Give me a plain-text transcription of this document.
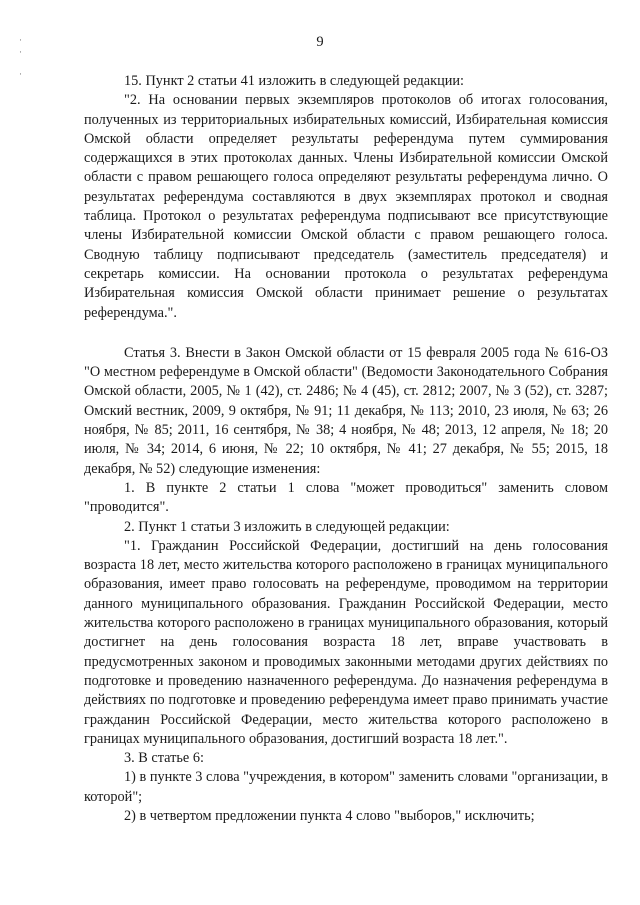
·
·
·
9

15. Пункт 2 статьи 41 изложить в следующей редакции:

"2. На основании первых экземпляров протоколов об итогах голосования, полученных из территориальных избирательных комиссий, Избирательная комиссия Омской области определяет результаты референдума путем суммирования содержащихся в этих протоколах данных. Члены Избирательной комиссии Омской области с правом решающего голоса определяют результаты референдума лично. О результатах референдума составляются в двух экземплярах протокол и сводная таблица. Протокол о результатах референдума подписывают все присутствующие члены Избирательной комиссии Омской области с правом решающего голоса. Сводную таблицу подписывают председатель (заместитель председателя) и секретарь комиссии. На основании протокола о результатах референдума Избирательная комиссия Омской области принимает решение о результатах референдума.".

Статья 3. Внести в Закон Омской области от 15 февраля 2005 года № 616-ОЗ "О местном референдуме в Омской области" (Ведомости Законодательного Собрания Омской области, 2005, № 1 (42), ст. 2486; № 4 (45), ст. 2812; 2007, № 3 (52), ст. 3287; Омский вестник, 2009, 9 октября, № 91; 11 декабря, № 113; 2010, 23 июля, № 63; 26 ноября, № 85; 2011, 16 сентября, № 38; 4 ноября, № 48; 2013, 12 апреля, № 18; 20 июля, № 34; 2014, 6 июня, № 22; 10 октября, № 41; 27 декабря, № 55; 2015, 18 декабря, № 52) следующие изменения:

1. В пункте 2 статьи 1 слова "может проводиться" заменить словом "проводится".

2. Пункт 1 статьи 3 изложить в следующей редакции:

"1. Гражданин Российской Федерации, достигший на день голосования возраста 18 лет, место жительства которого расположено в границах муниципального образования, имеет право голосовать на референдуме, проводимом на территории данного муниципального образования. Гражданин Российской Федерации, место жительства которого расположено в границах муниципального образования, который достигнет на день голосования возраста 18 лет, вправе участвовать в предусмотренных законом и проводимых законными методами других действиях по подготовке и проведению назначенного референдума. До назначения референдума в действиях по подготовке и проведению референдума имеет право принимать участие гражданин Российской Федерации, место жительства которого расположено в границах муниципального образования, достигший возраста 18 лет.".

3. В статье 6:

1) в пункте 3 слова "учреждения, в котором" заменить словами "организации, в которой";

2) в четвертом предложении пункта 4 слово "выборов," исключить;
